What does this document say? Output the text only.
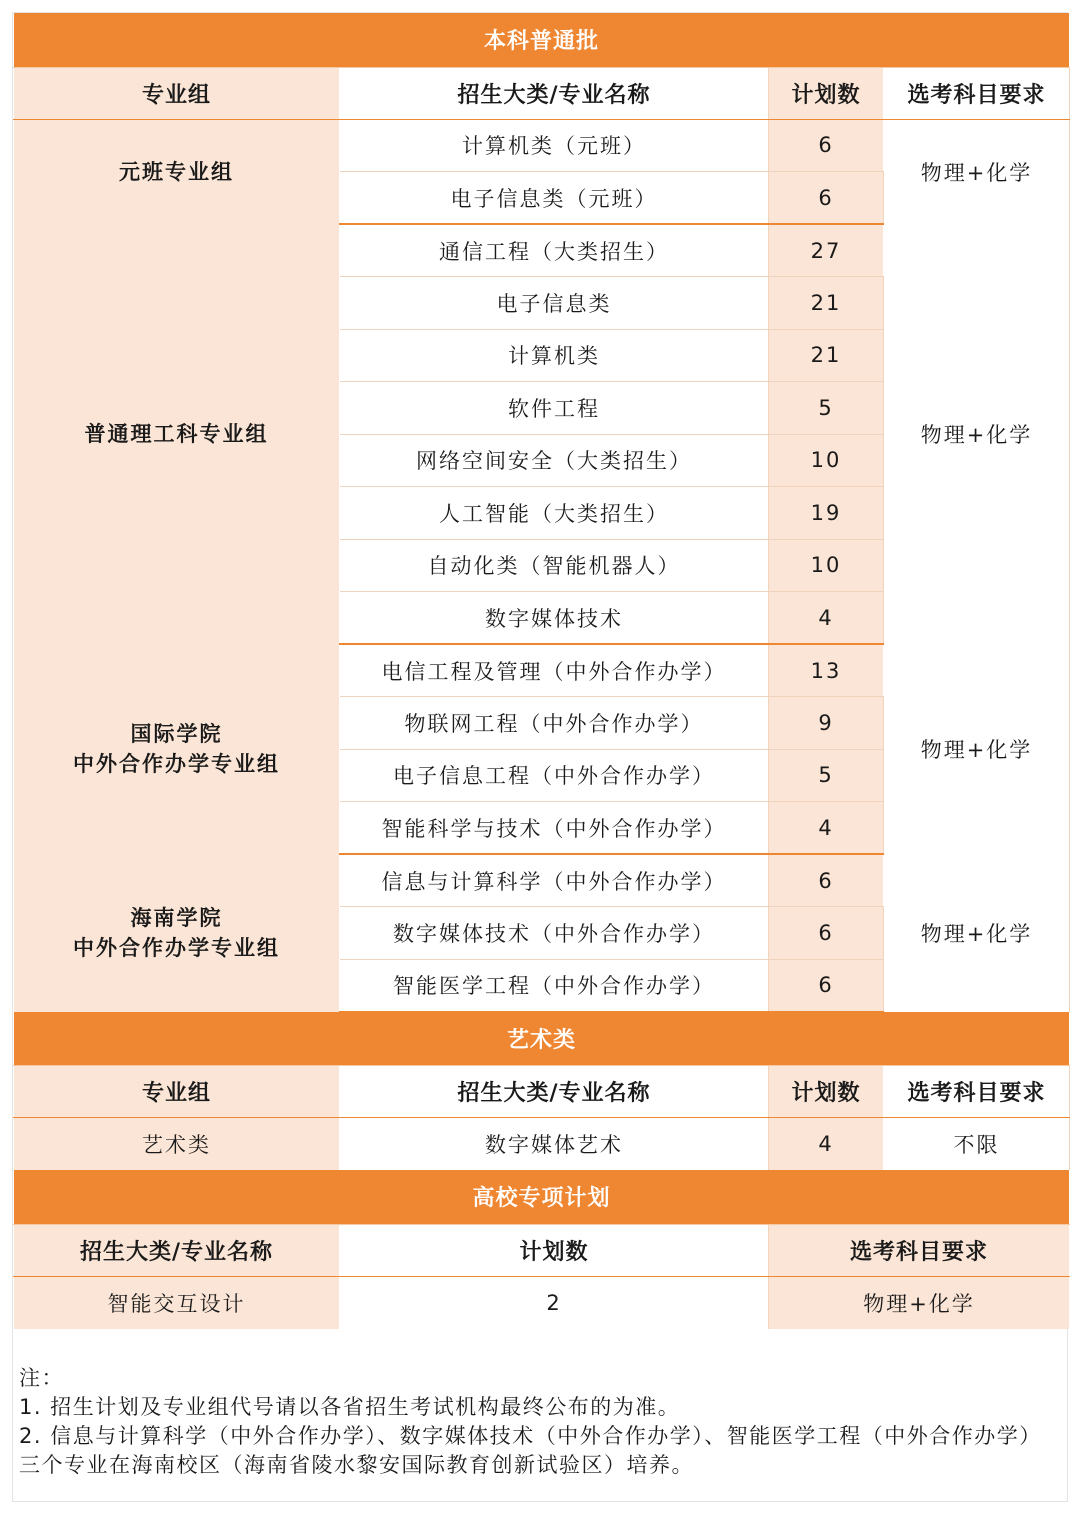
本科普通批			
专业组	招生大类/专业名称	计划数	选考科目要求

元班专业组	计算机类（元班）	6	物理+化学
	电子信息类（元班）	6	

普通理工科专业组	通信工程（大类招生）	27	物理+化学
	电子信息类	21	
	计算机类	21	
	软件工程	5	
	网络空间安全（大类招生）	10	
	人工智能（大类招生）	19	
	自动化类（智能机器人）	10	
	数字媒体技术	4	

国际学院
中外合作办学专业组	电信工程及管理（中外合作办学）	13	物理+化学
	物联网工程（中外合作办学）	9	
	电子信息工程（中外合作办学）	5	
	智能科学与技术（中外合作办学）	4	

海南学院
中外合作办学专业组	信息与计算科学（中外合作办学）	6	物理+化学
	数字媒体技术（中外合作办学）	6	
	智能医学工程（中外合作办学）	6	
艺术类			
专业组	招生大类/专业名称	计划数	选考科目要求
艺术类	数字媒体艺术	4	不限
高校专项计划			
招生大类/专业名称	计划数	选考科目要求	
智能交互设计	2	物理+化学	

注：

1. 招生计划及专业组代号请以各省招生考试机构最终公布的为准。

2. 信息与计算科学（中外合作办学）、数字媒体技术（中外合作办学）、智能医学工程（中外合作办学）三个专业在海南校区（海南省陵水黎安国际教育创新试验区）培养。
